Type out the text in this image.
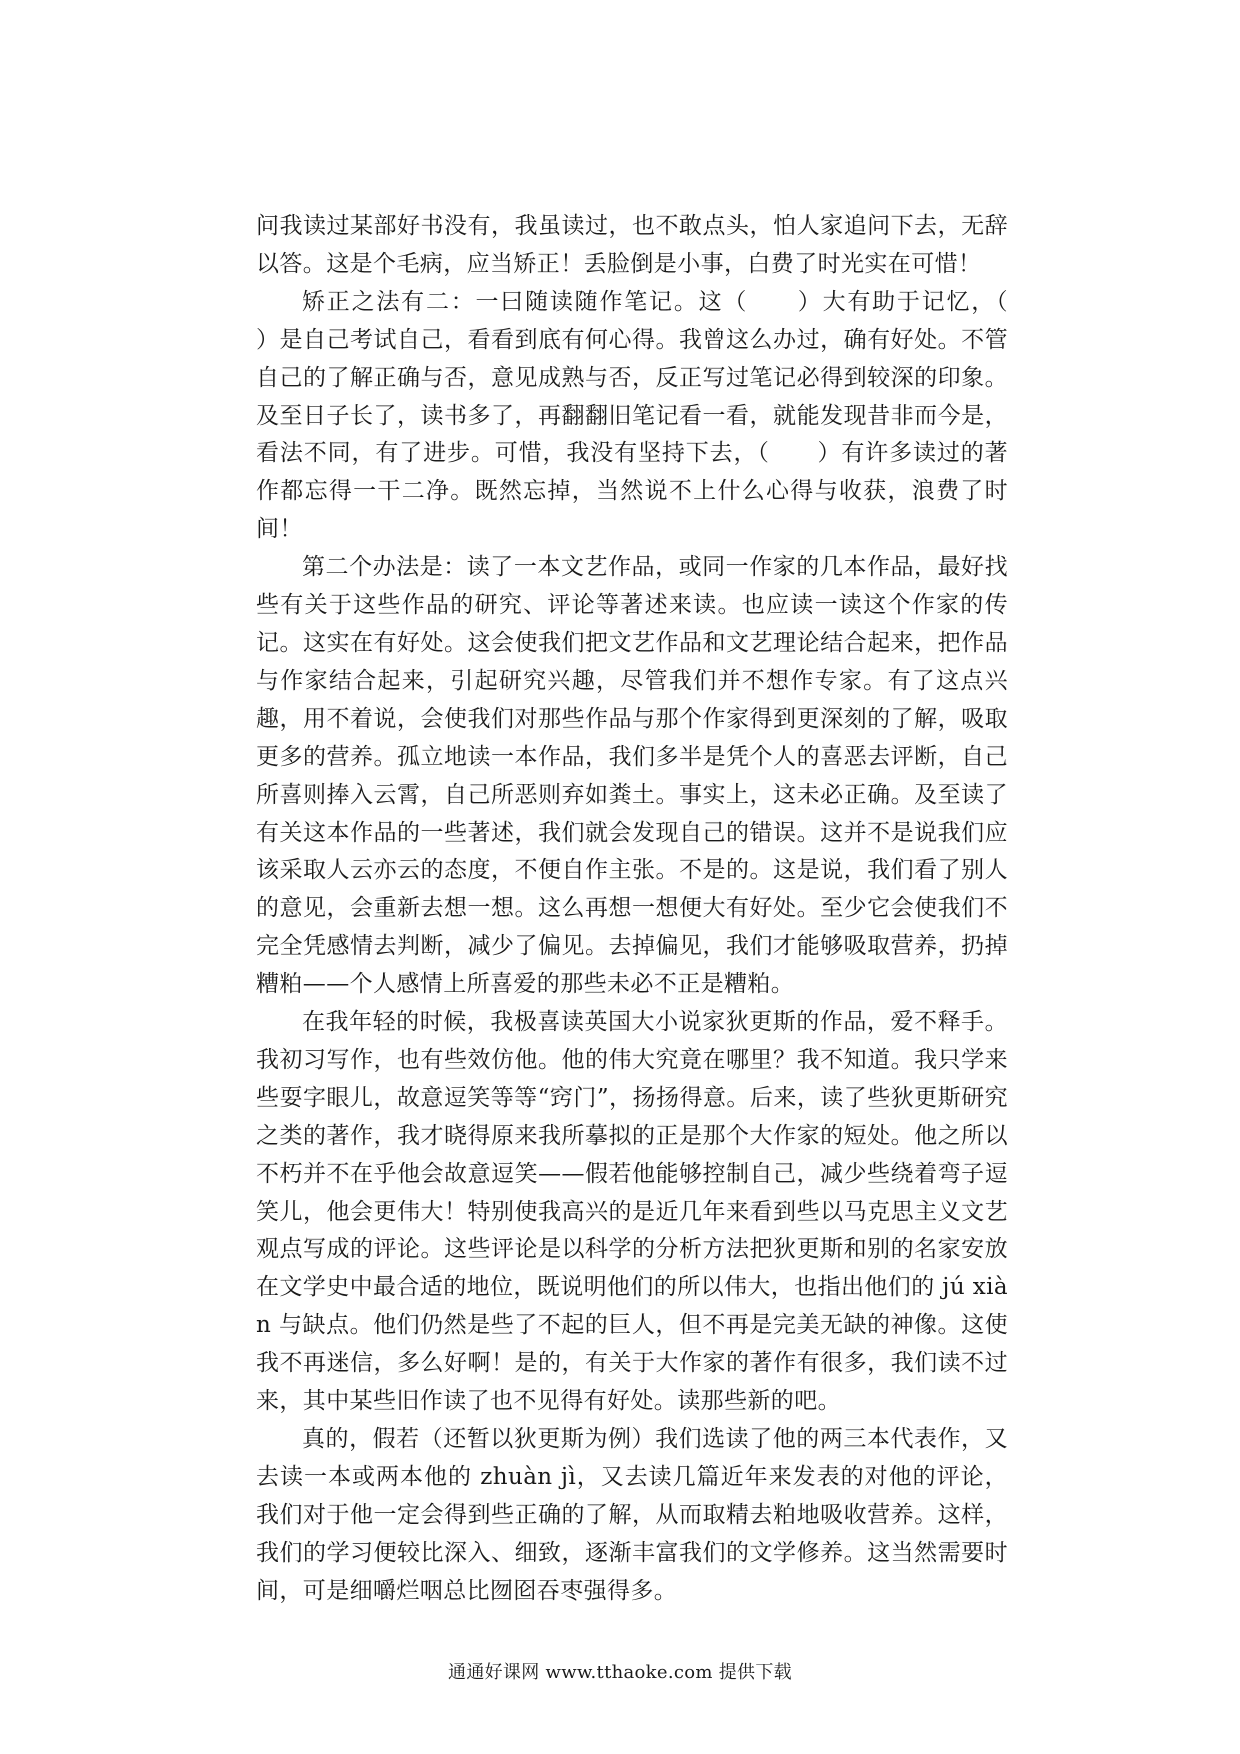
问我读过某部好书没有，我虽读过，也不敢点头，怕人家追问下去，无辞以答。这是个毛病，应当矫正！丢脸倒是小事，白费了时光实在可惜！

矫正之法有二：一曰随读随作笔记。这（　　）大有助于记忆，（　　）是自己考试自己，看看到底有何心得。我曾这么办过，确有好处。不管自己的了解正确与否，意见成熟与否，反正写过笔记必得到较深的印象。及至日子长了，读书多了，再翻翻旧笔记看一看，就能发现昔非而今是，看法不同，有了进步。可惜，我没有坚持下去，（　　）有许多读过的著作都忘得一干二净。既然忘掉，当然说不上什么心得与收获，浪费了时间！

第二个办法是：读了一本文艺作品，或同一作家的几本作品，最好找些有关于这些作品的研究、评论等著述来读。也应读一读这个作家的传记。这实在有好处。这会使我们把文艺作品和文艺理论结合起来，把作品与作家结合起来，引起研究兴趣，尽管我们并不想作专家。有了这点兴趣，用不着说，会使我们对那些作品与那个作家得到更深刻的了解，吸取更多的营养。孤立地读一本作品，我们多半是凭个人的喜恶去评断，自己所喜则捧入云霄，自己所恶则弃如粪土。事实上，这未必正确。及至读了有关这本作品的一些著述，我们就会发现自己的错误。这并不是说我们应该采取人云亦云的态度，不便自作主张。不是的。这是说，我们看了别人的意见，会重新去想一想。这么再想一想便大有好处。至少它会使我们不完全凭感情去判断，减少了偏见。去掉偏见，我们才能够吸取营养，扔掉糟粕——个人感情上所喜爱的那些未必不正是糟粕。

在我年轻的时候，我极喜读英国大小说家狄更斯的作品，爱不释手。我初习写作，也有些效仿他。他的伟大究竟在哪里？我不知道。我只学来些耍字眼儿，故意逗笑等等“窍门”，扬扬得意。后来，读了些狄更斯研究之类的著作，我才晓得原来我所摹拟的正是那个大作家的短处。他之所以不朽并不在乎他会故意逗笑——假若他能够控制自己，减少些绕着弯子逗笑儿，他会更伟大！特别使我高兴的是近几年来看到些以马克思主义文艺观点写成的评论。这些评论是以科学的分析方法把狄更斯和别的名家安放在文学史中最合适的地位，既说明他们的所以伟大，也指出他们的 jú xiàn 与缺点。他们仍然是些了不起的巨人，但不再是完美无缺的神像。这使我不再迷信，多么好啊！是的，有关于大作家的著作有很多，我们读不过来，其中某些旧作读了也不见得有好处。读那些新的吧。

真的，假若（还暂以狄更斯为例）我们选读了他的两三本代表作，又去读一本或两本他的 zhuàn jì，又去读几篇近年来发表的对他的评论，我们对于他一定会得到些正确的了解，从而取精去粕地吸收营养。这样，我们的学习便较比深入、细致，逐渐丰富我们的文学修养。这当然需要时间，可是细嚼烂咽总比囫囵吞枣强得多。

通通好课网 www.tthaoke.com 提供下载
